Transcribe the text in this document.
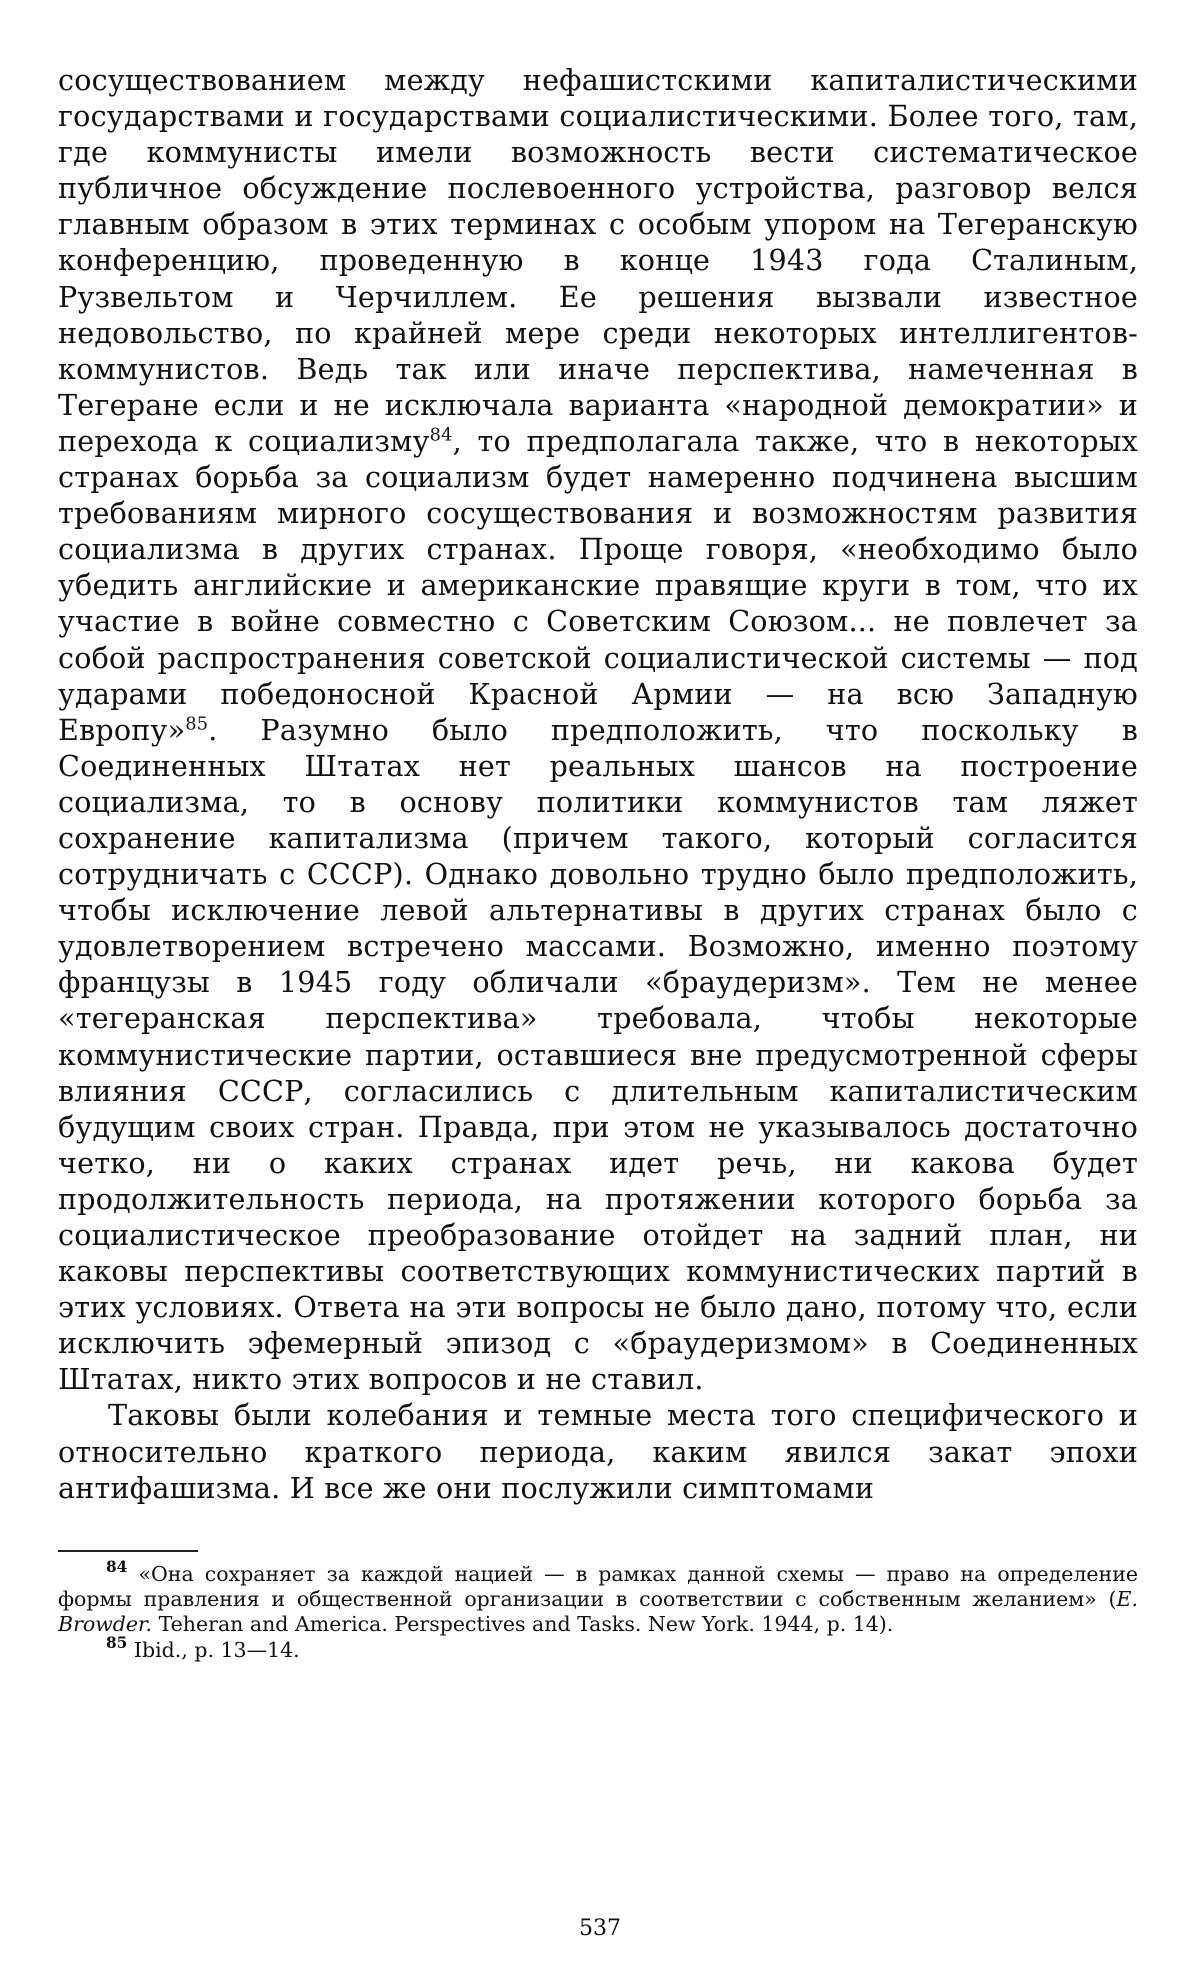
сосуществованием между нефашистскими капиталистическими государствами и государствами социалистическими. Более того, там, где коммунисты имели возможность вести систематическое публичное обсуждение послевоенного устройства, разговор велся главным образом в этих терминах с особым упором на Тегеранскую конференцию, проведенную в конце 1943 года Сталиным, Рузвельтом и Черчиллем. Ее решения вызвали известное недовольство, по крайней мере среди некоторых интеллигентов-коммунистов. Ведь так или иначе перспектива, намеченная в Тегеране если и не исключала варианта «народной демократии» и перехода к социализму$^{84}$, то предполагала также, что в некоторых странах борьба за социализм будет намеренно подчинена высшим требованиям мирного сосуществования и возможностям развития социализма в других странах. Проще говоря, «необходимо было убедить английские и американские правящие круги в том, что их участие в войне совместно с Советским Союзом... не повлечет за собой распространения советской социалистической системы — под ударами победоносной Красной Армии — на всю Западную Европу»$^{85}$. Разумно было предположить, что поскольку в Соединенных Штатах нет реальных шансов на построение социализма, то в основу политики коммунистов там ляжет сохранение капитализма (причем такого, который согласится сотрудничать с СССР). Однако довольно трудно было предположить, чтобы исключение левой альтернативы в других странах было с удовлетворением встречено массами. Возможно, именно поэтому французы в 1945 году обличали «браудеризм». Тем не менее «тегеранская перспектива» требовала, чтобы некоторые коммунистические партии, оставшиеся вне предусмотренной сферы влияния СССР, согласились с длительным капиталистическим будущим своих стран. Правда, при этом не указывалось достаточно четко, ни о каких странах идет речь, ни какова будет продолжительность периода, на протяжении которого борьба за социалистическое преобразование отойдет на задний план, ни каковы перспективы соответствующих коммунистических партий в этих условиях. Ответа на эти вопросы не было дано, потому что, если исключить эфемерный эпизод с «браудеризмом» в Соединенных Штатах, никто этих вопросов и не ставил.

Таковы были колебания и темные места того специфического и относительно краткого периода, каким явился закат эпохи антифашизма. И все же они послужили симптомами

$^{84}$ «Она сохраняет за каждой нацией — в рамках данной схемы — право на определение формы правления и общественной организации в соответствии с собственным желанием» (E. Browder. Teheran and America. Perspectives and Tasks. New York. 1944, p. 14).

$^{85}$ Ibid., p. 13—14.

537
